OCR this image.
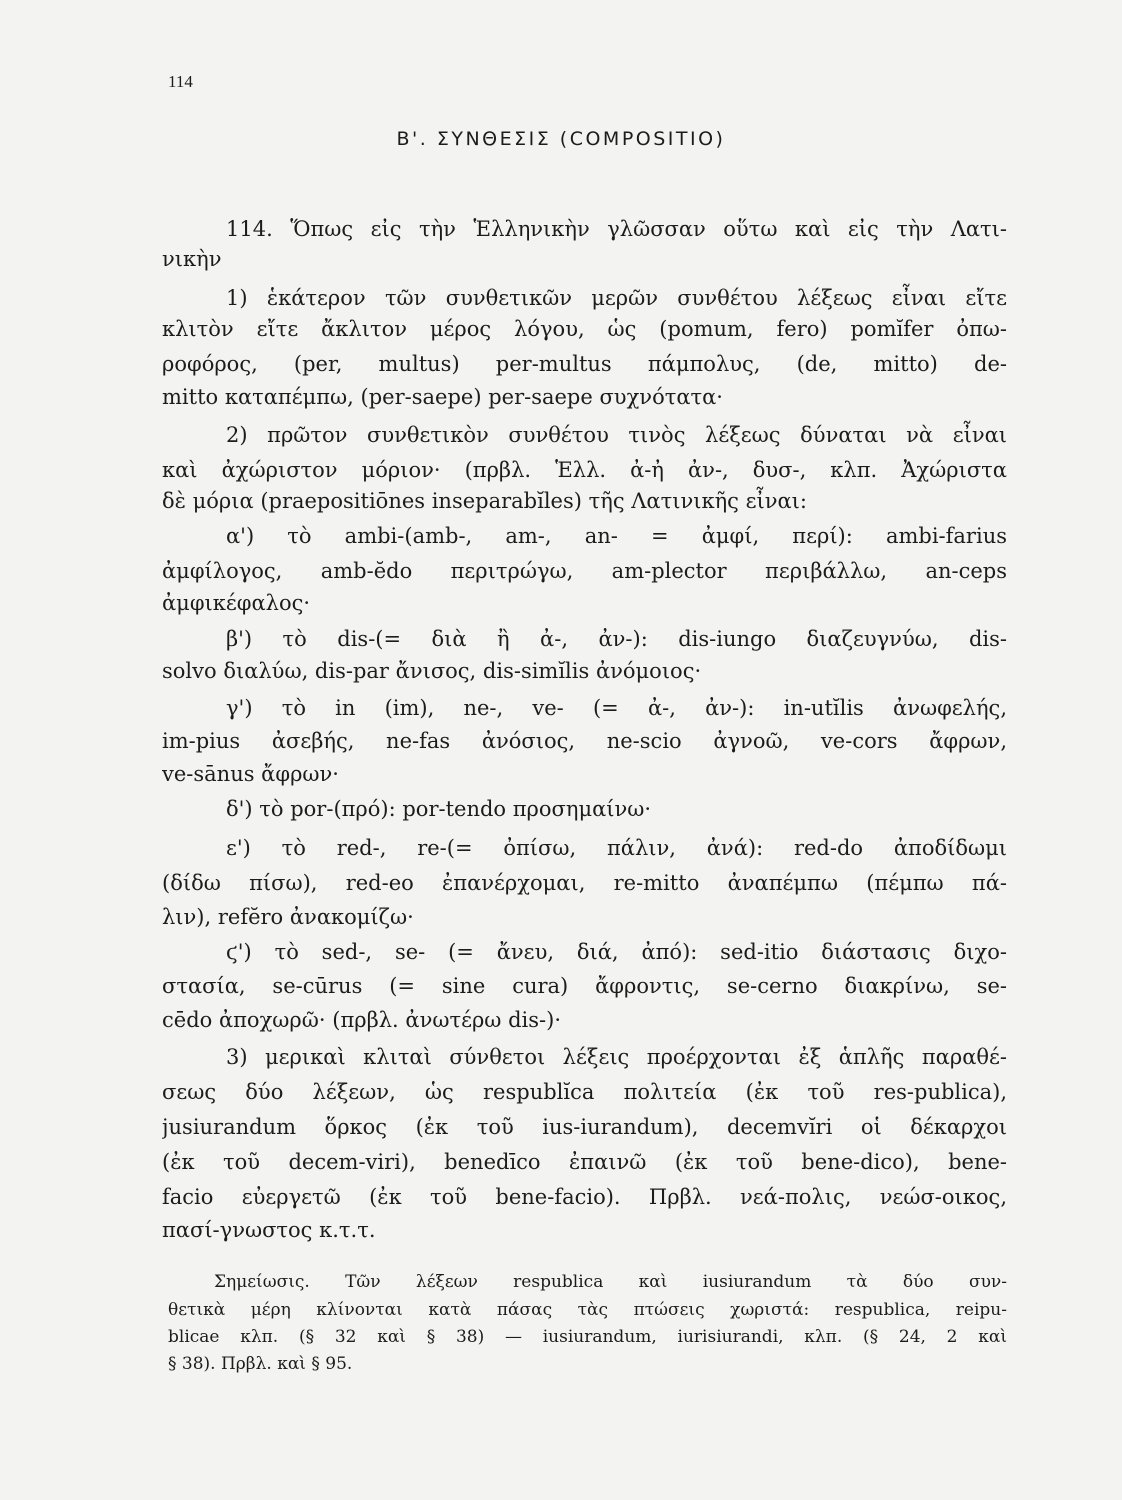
114
Β'. ΣΥΝΘΕΣΙΣ (COMPOSITIO)
114. Ὅπως εἰς τὴν Ἑλληνικὴν γλῶσσαν οὕτω καὶ εἰς τὴν Λατι-
νικὴν
1) ἑκάτερον τῶν συνθετικῶν μερῶν συνθέτου λέξεως εἶναι εἴτε
κλιτὸν εἴτε ἄκλιτον μέρος λόγου, ὡς (pomum, fero) pomĭfer ὀπω-
ροφόρος, (per, multus) per-multus πάμπολυς, (de, mitto) de-
mitto καταπέμπω, (per-saepe) per-saepe συχνότατα·
2) πρῶτον συνθετικὸν συνθέτου τινὸς λέξεως δύναται νὰ εἶναι
καὶ ἀχώριστον μόριον· (πρβλ. Ἑλλ. ἀ-ἠ ἀν-, δυσ-, κλπ. Ἀχώριστα
δὲ μόρια (praepositiōnes inseparabĭles) τῆς Λατινικῆς εἶναι:
α') τὸ ambi-(amb-, am-, an- = ἀμφί, περί): ambi-farius
ἀμφίλογος, amb-ĕdo περιτρώγω, am-plector περιβάλλω, an-ceps
ἀμφικέφαλος·
β') τὸ dis-(= διὰ ἢ ἀ-, ἀν-): dis-iungo διαζευγνύω, dis-
solvo διαλύω, dis-par ἄνισος, dis-simĭlis ἀνόμοιος·
γ') τὸ in (im), ne-, ve- (= ἀ-, ἀν-): in-utĭlis ἀνωφελής,
im-pius ἀσεβής, ne-fas ἀνόσιος, ne-scio ἀγνοῶ, ve-cors ἄφρων,
ve-sānus ἄφρων·
δ') τὸ por-(πρό): por-tendo προσημαίνω·
ε') τὸ red-, re-(= ὀπίσω, πάλιν, ἀνά): red-do ἀποδίδωμι
(δίδω πίσω), red-eo ἐπανέρχομαι, re-mitto ἀναπέμπω (πέμπω πά-
λιν), refĕro ἀνακομίζω·
ϛ') τὸ sed-, se- (= ἄνευ, διά, ἀπό): sed-itio διάστασις διχο-
στασία, se-cūrus (= sine cura) ἄφροντις, se-cerno διακρίνω, se-
cēdo ἀποχωρῶ· (πρβλ. ἀνωτέρω dis-)·
3) μερικαὶ κλιταὶ σύνθετοι λέξεις προέρχονται ἐξ ἁπλῆς παραθέ-
σεως δύο λέξεων, ὡς respublĭca πολιτεία (ἐκ τοῦ res-publica),
jusiurandum ὅρκος (ἐκ τοῦ ius-iurandum), decemvĭri οἱ δέκαρχοι
(ἐκ τοῦ decem-viri), benedīco ἐπαινῶ (ἐκ τοῦ bene-dico), bene-
facio εὐεργετῶ (ἐκ τοῦ bene-facio). Πρβλ. νεά-πολις, νεώσ-οικος,
πασί-γνωστος κ.τ.τ.
Σημείωσις. Τῶν λέξεων respublica καὶ iusiurandum τὰ δύο συν-
θετικὰ μέρη κλίνονται κατὰ πάσας τὰς πτώσεις χωριστά: respublica, reipu-
blicae κλπ. (§ 32 καὶ § 38) — iusiurandum, iurisiurandi, κλπ. (§ 24, 2 καὶ
§ 38). Πρβλ. καὶ § 95.
